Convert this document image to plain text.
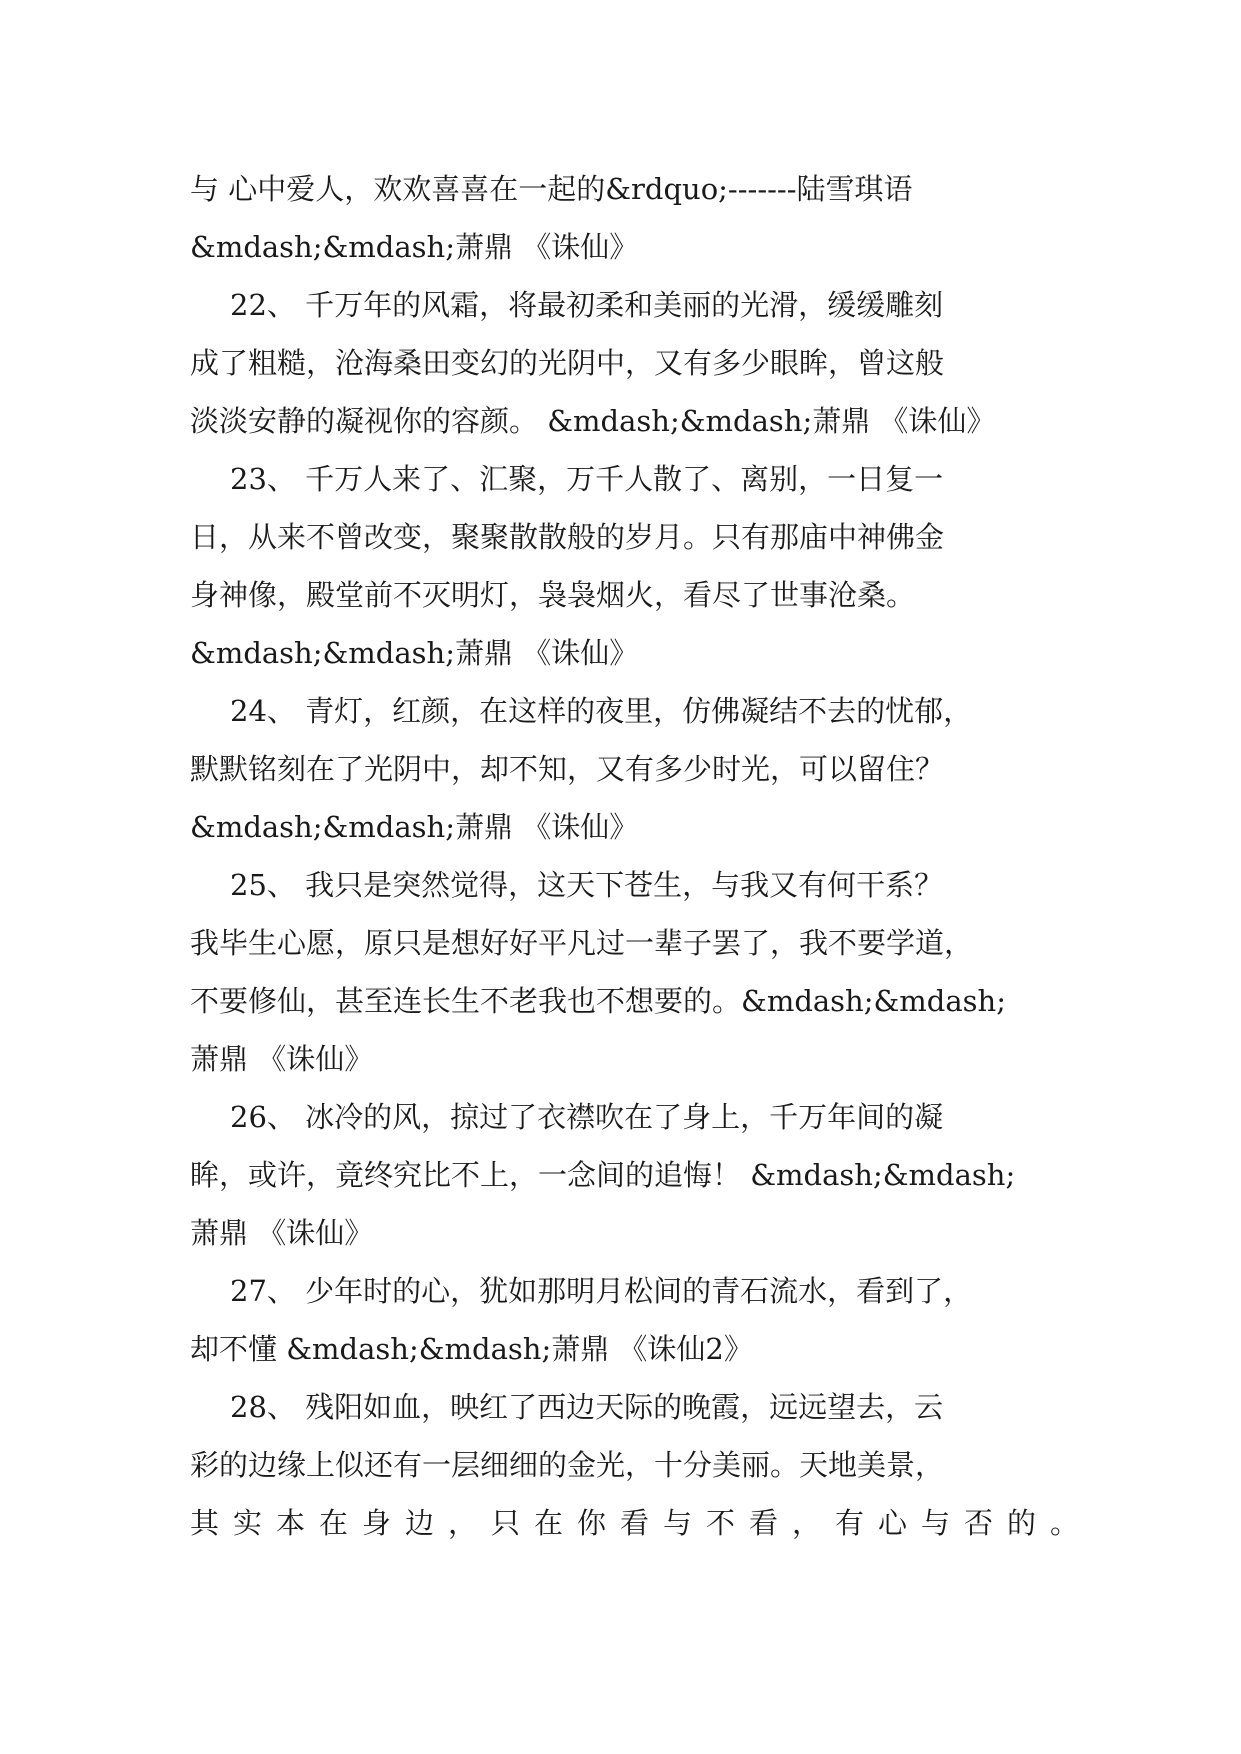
与 心中爱人，欢欢喜喜在一起的&rdquo;-------陆雪琪语
&mdash;&mdash;萧鼎 《诛仙》
22、 千万年的风霜，将最初柔和美丽的光滑，缓缓雕刻
成了粗糙，沧海桑田变幻的光阴中，又有多少眼眸，曾这般
淡淡安静的凝视你的容颜。 &mdash;&mdash;萧鼎 《诛仙》
23、 千万人来了、汇聚，万千人散了、离别，一日复一
日，从来不曾改变，聚聚散散般的岁月。只有那庙中神佛金
身神像，殿堂前不灭明灯，袅袅烟火，看尽了世事沧桑。
&mdash;&mdash;萧鼎 《诛仙》
24、 青灯，红颜，在这样的夜里，仿佛凝结不去的忧郁，
默默铭刻在了光阴中，却不知，又有多少时光，可以留住？
&mdash;&mdash;萧鼎 《诛仙》
25、 我只是突然觉得，这天下苍生，与我又有何干系？
我毕生心愿，原只是想好好平凡过一辈子罢了，我不要学道，
不要修仙，甚至连长生不老我也不想要的。&mdash;&mdash;
萧鼎 《诛仙》
26、 冰冷的风，掠过了衣襟吹在了身上，千万年间的凝
眸，或许，竟终究比不上，一念间的追悔！ &mdash;&mdash;
萧鼎 《诛仙》
27、 少年时的心，犹如那明月松间的青石流水，看到了，
却不懂 &mdash;&mdash;萧鼎 《诛仙2》
28、 残阳如血，映红了西边天际的晚霞，远远望去，云
彩的边缘上似还有一层细细的金光，十分美丽。天地美景，
其实本在身边，只在你看与不看，有心与否的。
